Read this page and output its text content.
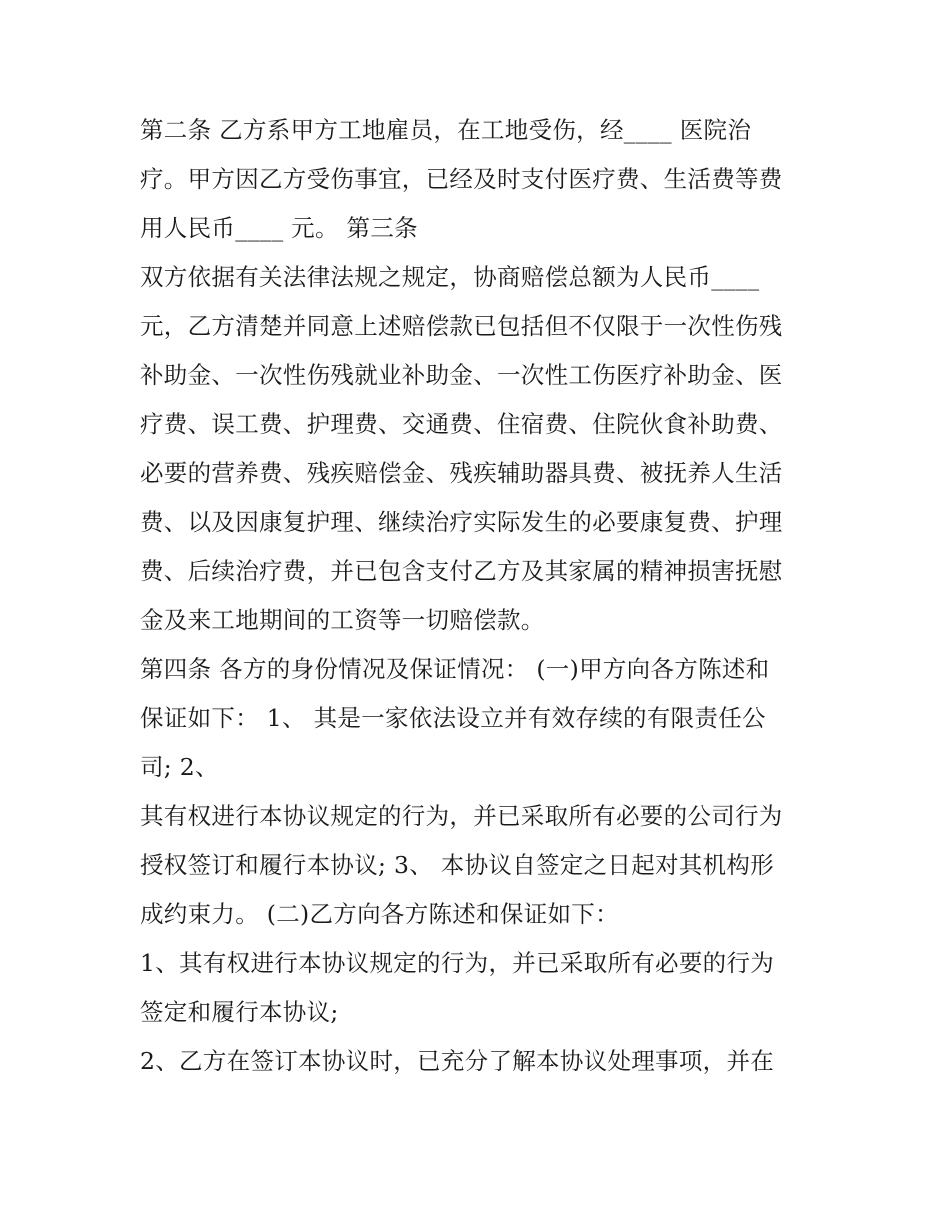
第二条 乙方系甲方工地雇员，在工地受伤，经____ 医院治
疗。甲方因乙方受伤事宜，已经及时支付医疗费、生活费等费
用人民币____ 元。 第三条
双方依据有关法律法规之规定，协商赔偿总额为人民币____
元，乙方清楚并同意上述赔偿款已包括但不仅限于一次性伤残
补助金、一次性伤残就业补助金、一次性工伤医疗补助金、医
疗费、误工费、护理费、交通费、住宿费、住院伙食补助费、
必要的营养费、残疾赔偿金、残疾辅助器具费、被抚养人生活
费、以及因康复护理、继续治疗实际发生的必要康复费、护理
费、后续治疗费，并已包含支付乙方及其家属的精神损害抚慰
金及来工地期间的工资等一切赔偿款。
第四条 各方的身份情况及保证情况： (一)甲方向各方陈述和
保证如下： 1、 其是一家依法设立并有效存续的有限责任公
司; 2、
其有权进行本协议规定的行为，并已采取所有必要的公司行为
授权签订和履行本协议; 3、 本协议自签定之日起对其机构形
成约束力。 (二)乙方向各方陈述和保证如下：
1、其有权进行本协议规定的行为，并已采取所有必要的行为
签定和履行本协议;
2、乙方在签订本协议时，已充分了解本协议处理事项，并在
